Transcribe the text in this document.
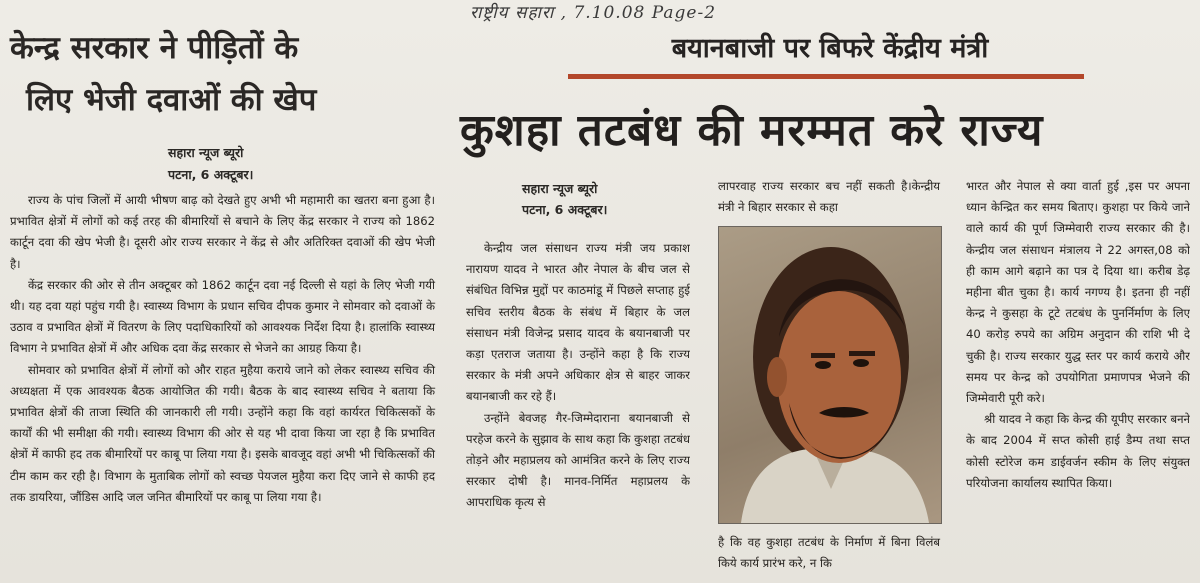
केन्द्र सरकार ने पीड़ितों के
लिए भेजी दवाओं की खेप
सहारा न्यूज ब्यूरो
पटना, 6 अक्टूबर।

राज्य के पांच जिलों में आयी भीषण बाढ़ को देखते हुए अभी भी महामारी का खतरा बना हुआ है। प्रभावित क्षेत्रों में लोगों को कई तरह की बीमारियों से बचाने के लिए केंद्र सरकार ने राज्य को 1862 कार्टून दवा की खेप भेजी है। दूसरी ओर राज्य सरकार ने केंद्र से और अतिरिक्त दवाओं की खेप भेजी है।

केंद्र सरकार की ओर से तीन अक्टूबर को 1862 कार्टून दवा नई दिल्ली से यहां के लिए भेजी गयी थी। यह दवा यहां पहुंच गयी है। स्वास्थ्य विभाग के प्रधान सचिव दीपक कुमार ने सोमवार को दवाओं के उठाव व प्रभावित क्षेत्रों में वितरण के लिए पदाधिकारियों को आवश्यक निर्देश दिया है। हालांकि स्वास्थ्य विभाग ने प्रभावित क्षेत्रों में और अधिक दवा केंद्र सरकार से भेजने का आग्रह किया है।

सोमवार को प्रभावित क्षेत्रों में लोगों को और राहत मुहैया कराये जाने को लेकर स्वास्थ्य सचिव की अध्यक्षता में एक आवश्यक बैठक आयोजित की गयी। बैठक के बाद स्वास्थ्य सचिव ने बताया कि प्रभावित क्षेत्रों की ताजा स्थिति की जानकारी ली गयी। उन्होंने कहा कि वहां कार्यरत चिकित्सकों के कार्यों की भी समीक्षा की गयी। स्वास्थ्य विभाग की ओर से यह भी दावा किया जा रहा है कि प्रभावित क्षेत्रों में काफी हद तक बीमारियों पर काबू पा लिया गया है। इसके बावजूद वहां अभी भी चिकित्सकों की टीम काम कर रही है। विभाग के मुताबिक लोगों को स्वच्छ पेयजल मुहैया करा दिए जाने से काफी हद तक डायरिया, जौंडिस आदि जल जनित बीमारियों पर काबू पा लिया गया है।

राष्ट्रीय सहारा , 7.10.08 Page-2
बयानबाजी पर बिफरे केंद्रीय मंत्री
कुशहा तटबंध की मरम्मत करे राज्य
सहारा न्यूज ब्यूरो
पटना, 6 अक्टूबर।

केन्द्रीय जल संसाधन राज्य मंत्री जय प्रकाश नारायण यादव ने भारत और नेपाल के बीच जल से संबंधित विभिन्न मुद्दों पर काठमांडू में पिछले सप्ताह हुई सचिव स्तरीय बैठक के संबंध में बिहार के जल संसाधन मंत्री विजेन्द्र प्रसाद यादव के बयानबाजी पर कड़ा एतराज जताया है। उन्होंने कहा है कि राज्य सरकार के मंत्री अपने अधिकार क्षेत्र से बाहर जाकर बयानबाजी कर रहे हैं।

उन्होंने बेवजह गैर-जिम्मेदाराना बयानबाजी से परहेज करने के सुझाव के साथ कहा कि कुशहा तटबंध तोड़ने और महाप्रलय को आमंत्रित करने के लिए राज्य सरकार दोषी है। मानव-निर्मित महाप्रलय के आपराधिक कृत्य से

लापरवाह राज्य सरकार बच नहीं सकती है।केन्द्रीय मंत्री ने बिहार सरकार से कहा

है कि वह कुशहा तटबंध के निर्माण में बिना विलंब किये कार्य प्रारंभ करे, न कि

भारत और नेपाल से क्या वार्ता हुई ,इस पर अपना ध्यान केन्द्रित कर समय बिताए। कुशहा पर किये जाने वाले कार्य की पूर्ण जिम्मेवारी राज्य सरकार की है। केन्द्रीय जल संसाधन मंत्रालय ने 22 अगस्त,08 को ही काम आगे बढ़ाने का पत्र दे दिया था। करीब डेढ़ महीना बीत चुका है। कार्य नगण्य है। इतना ही नहीं केन्द्र ने कुसहा के टूटे तटबंध के पुनर्निर्माण के लिए 40 करोड़ रुपये का अग्रिम अनुदान की राशि भी दे चुकी है। राज्य सरकार युद्ध स्तर पर कार्य कराये और समय पर केन्द्र को उपयोगिता प्रमाणपत्र भेजने की जिम्मेवारी पूरी करे।

श्री यादव ने कहा कि केन्द्र की यूपीए सरकार बनने के बाद 2004 में सप्त कोसी हाई डैम्प तथा सप्त कोसी स्टोरेज कम डाईवर्जन स्कीम के लिए संयुक्त परियोजना कार्यालय स्थापित किया।
